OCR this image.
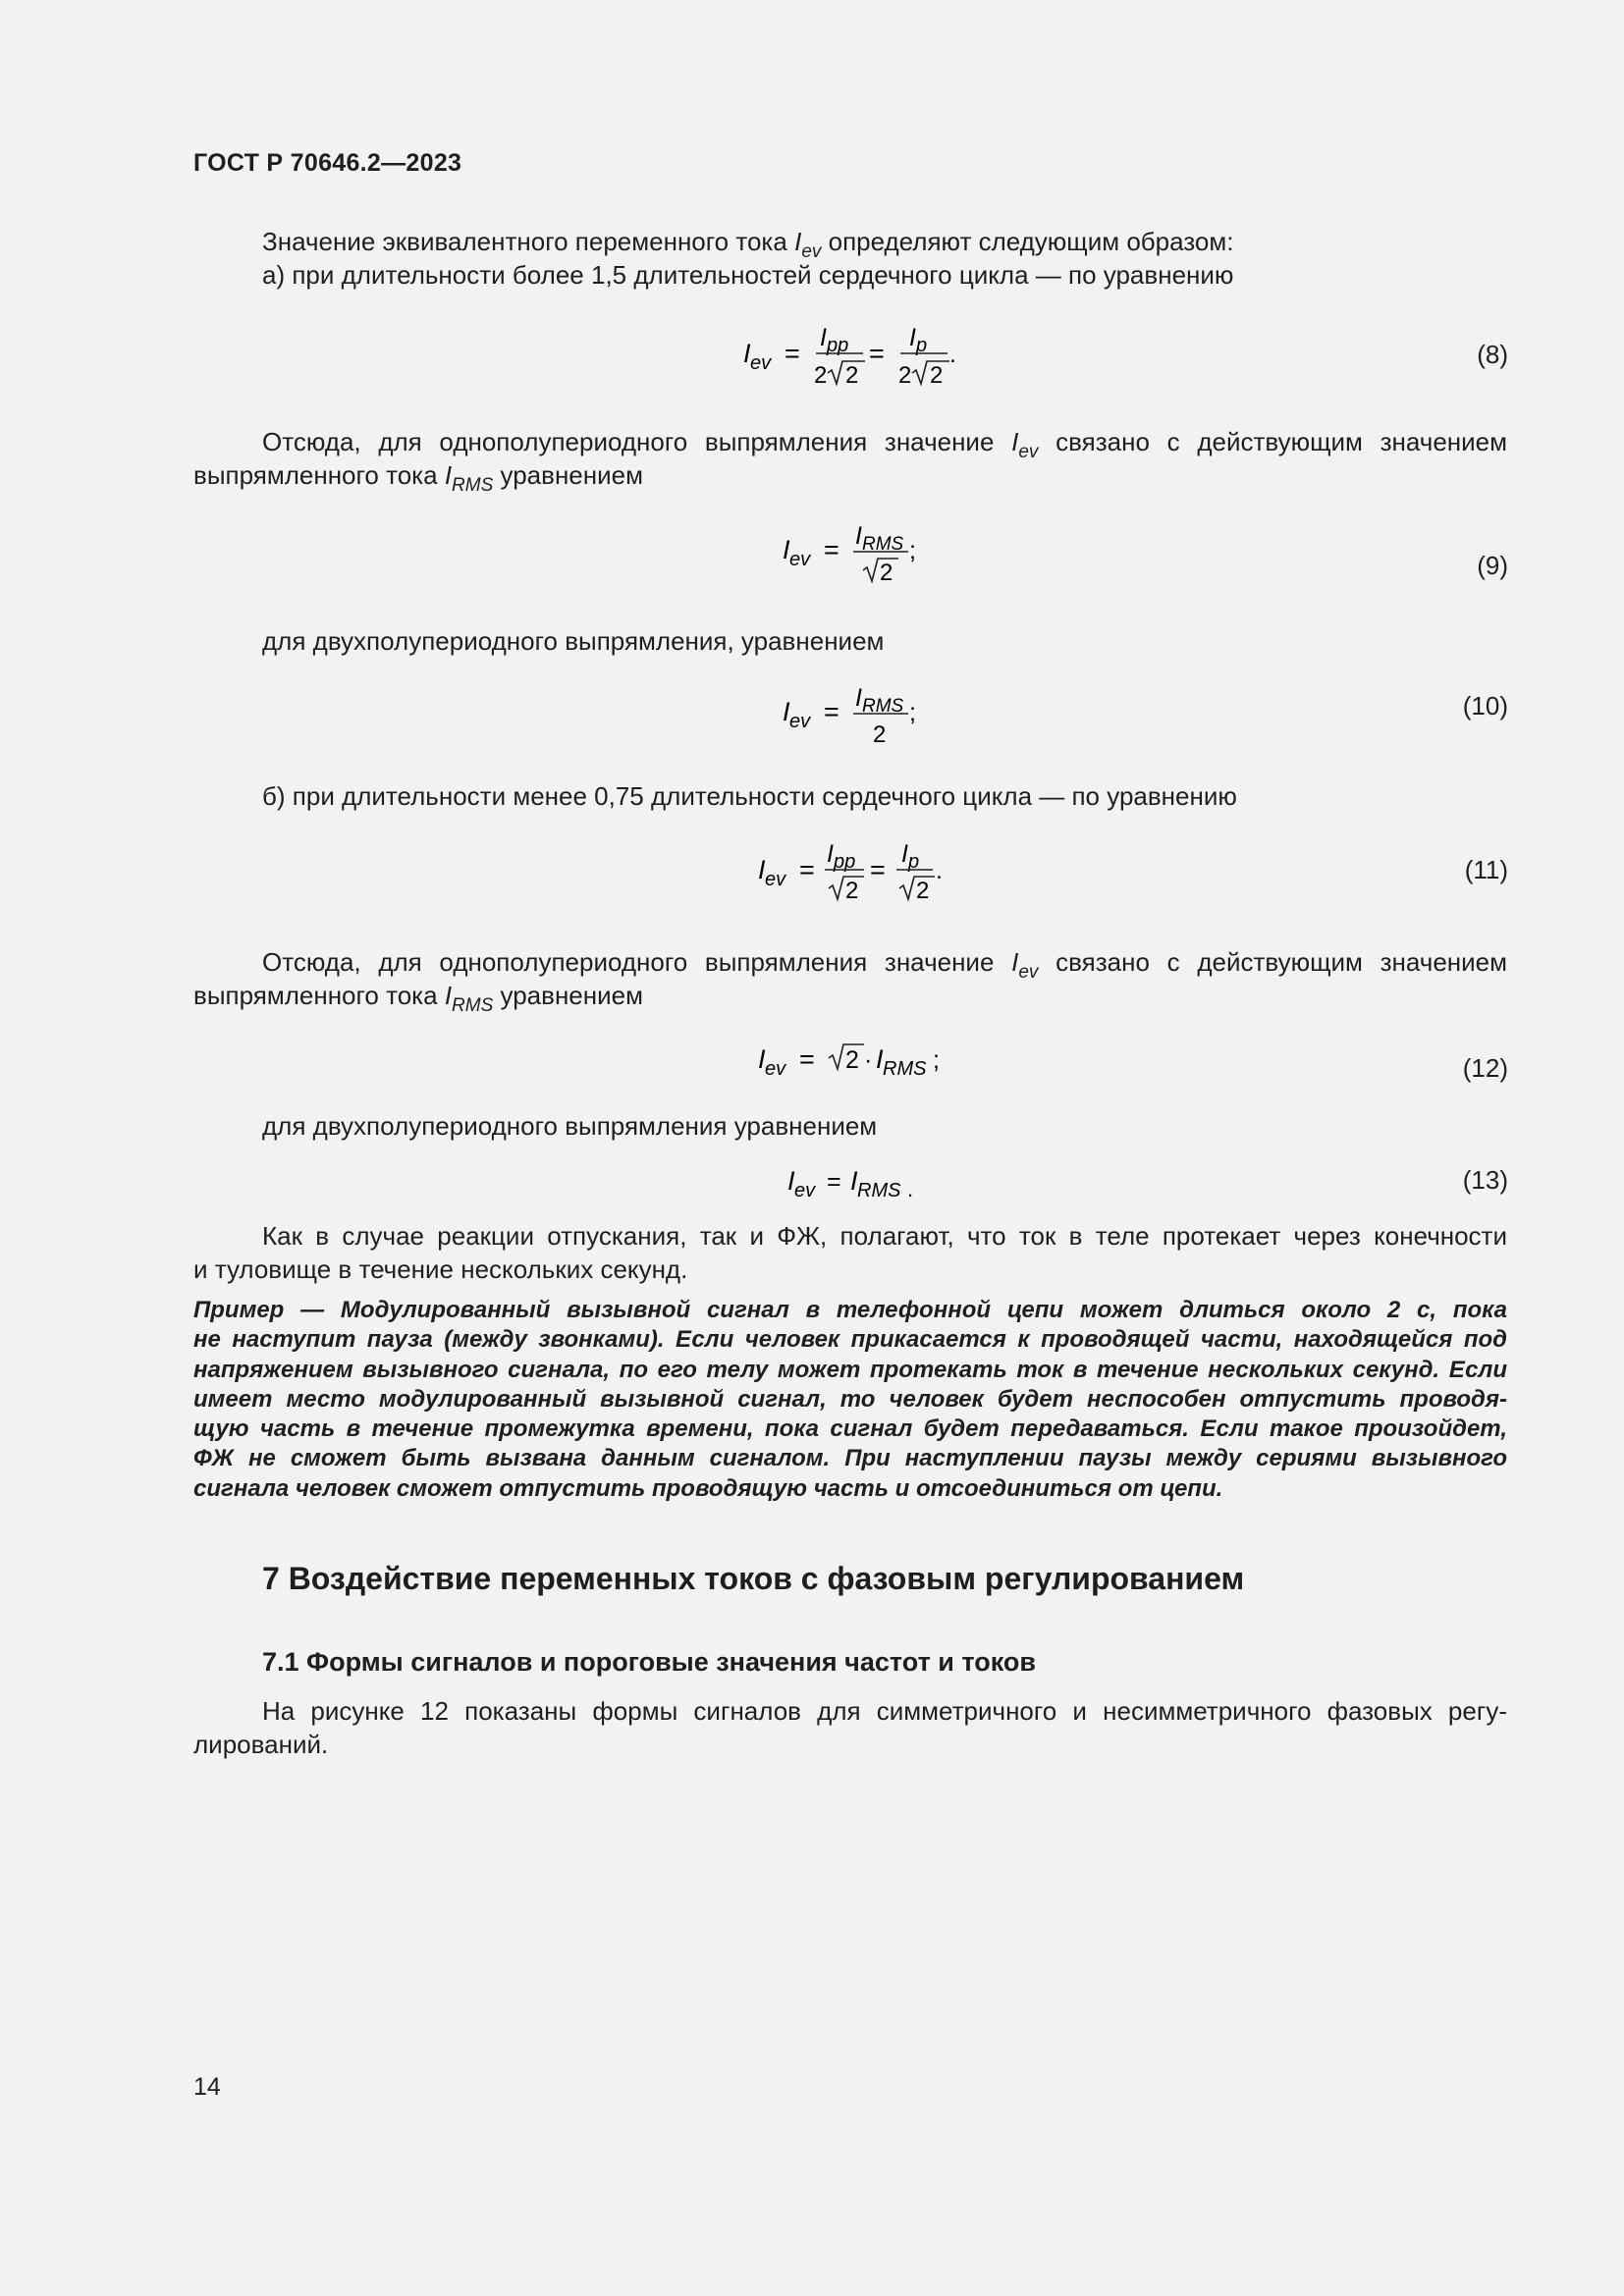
ГОСТ Р 70646.2—2023
Значение эквивалентного переменного тока $I_{ev}$ определяют следующим образом:
а) при длительности более 1,5 длительностей сердечного цикла — по уравнению
I ev =
I pp
2 2
=
I p
2 2
.	(8)
Отсюда, для однополупериодного выпрямления значение $I_{ev}$ связано с действующим значением
выпрямленного тока $I_{RMS}$ уравнением
I ev = I RMS
2
;	(9)
для двухполупериодного выпрямления, уравнением
I ev = I RMS
2
;	(10)
б) при длительности менее 0,75 длительности сердечного цикла — по уравнению
I ev =
I pp
2
=
I p
2
.	(11)
Отсюда, для однополупериодного выпрямления значение $I_{ev}$ связано с действующим значением
выпрямленного тока $I_{RMS}$ уравнением
I ev = 2 · I RMS ;	(12)
для двухполупериодного выпрямления уравнением
I ev = I RMS .	(13)
Как в случае реакции отпускания, так и ФЖ, полагают, что ток в теле протекает через конечности
и туловище в течение нескольких секунд.
Пример — Модулированный вызывной сигнал в телефонной цепи может длиться около 2 с, пока
не наступит пауза (между звонками). Если человек прикасается к проводящей части, находящейся под
напряжением вызывного сигнала, по его телу может протекать ток в течение нескольких секунд. Если
имеет место модулированный вызывной сигнал, то человек будет неспособен отпустить проводя-
щую часть в течение промежутка времени, пока сигнал будет передаваться. Если такое произойдет,
ФЖ не сможет быть вызвана данным сигналом. При наступлении паузы между сериями вызывного
сигнала человек сможет отпустить проводящую часть и отсоединиться от цепи.
7 Воздействие переменных токов с фазовым регулированием
7.1 Формы сигналов и пороговые значения частот и токов
На рисунке 12 показаны формы сигналов для симметричного и несимметричного фазовых регу-
лирований.
14
